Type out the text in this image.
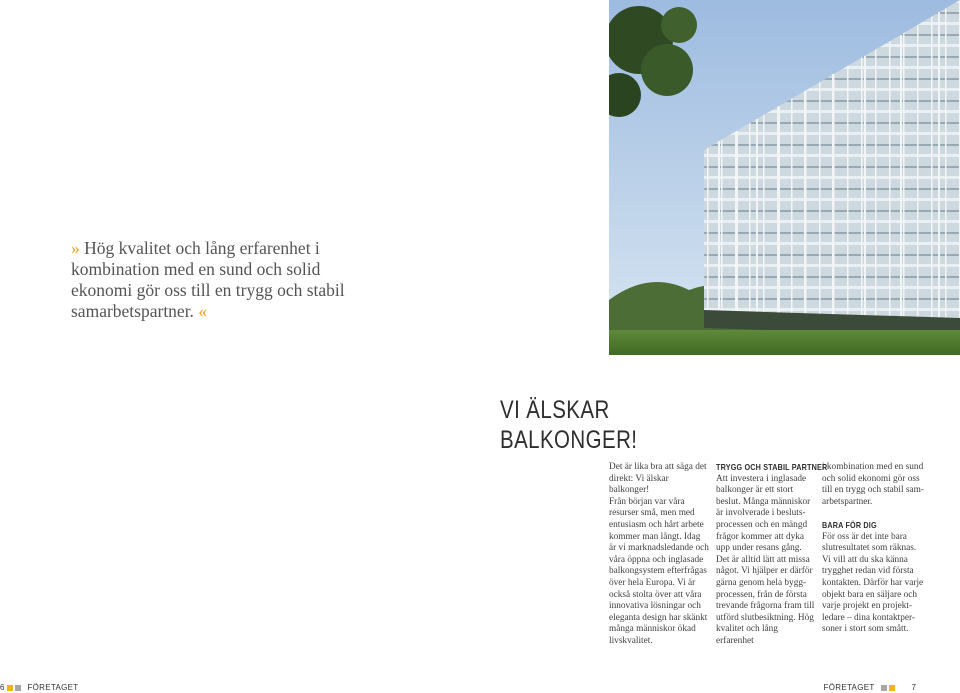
» Hög kvalitet och lång erfarenhet i kombination med en sund och solid ekonomi gör oss till en trygg och stabil samarbetspartner. «
VI ÄLSKAR BALKONGER!

Det är lika bra att säga det

direkt: Vi älskar balkonger!

Från början var våra

resurser små, men med

entusiasm och hårt arbete

kommer man långt. Idag

är vi marknadsledande och

våra öppna och inglasade

balkongsystem efterfrågas

över hela Europa. Vi är

också stolta över att våra

innovativa lösningar och

eleganta design har skänkt

många människor ökad

livskvalitet.

TRYGG OCH STABIL PARTNER

Att investera i inglasade

balkonger är ett stort

beslut. Många människor

är involverade i besluts-

processen och en mängd

frågor kommer att dyka

upp under resans gång.

Det är alltid lätt att missa

något. Vi hjälper er därför

gärna genom hela bygg-

processen, från de första

trevande frågorna fram till

utförd slutbesiktning. Hög

kvalitet och lång erfarenhet

i kombination med en sund

och solid ekonomi gör oss

till en trygg och stabil sam-

arbetspartner.

BARA FÖR DIG

För oss är det inte bara

slutresultatet som räknas.

Vi vill att du ska känna

trygghet redan vid första

kontakten. Därför har varje

objekt bara en säljare och

varje projekt en projekt-

ledare – dina kontaktper-

soner i stort som smått.

6	FÖRETAGET	FÖRETAGET	7
